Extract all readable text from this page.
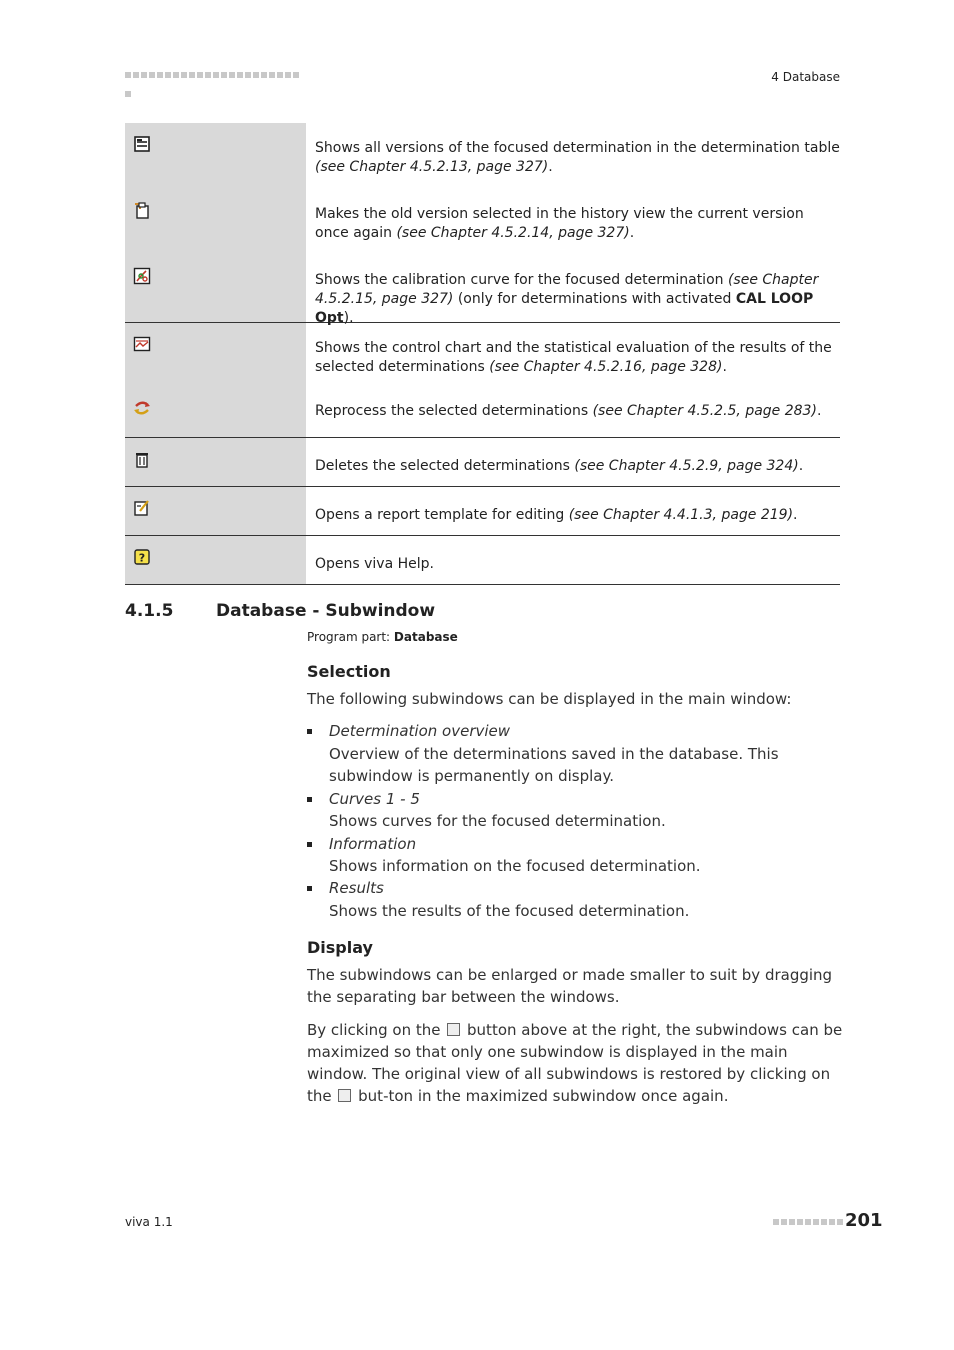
4 Database
Shows all versions of the focused determination in the determination table (see Chapter 4.5.2.13, page 327).
Makes the old version selected in the history view the current version once again (see Chapter 4.5.2.14, page 327).
Shows the calibration curve for the focused determination (see Chapter 4.5.2.15, page 327) (only for determinations with activated CAL LOOP Opt).
Shows the control chart and the statistical evaluation of the results of the selected determinations (see Chapter 4.5.2.16, page 328).
Reprocess the selected determinations (see Chapter 4.5.2.5, page 283).
Deletes the selected determinations (see Chapter 4.5.2.9, page 324).
Opens a report template for editing (see Chapter 4.4.1.3, page 219).
?	Opens viva Help.
4.1.5	Database - Subwindow
Program part: Database
Selection
The following subwindows can be displayed in the main window:
Determination overview
Overview of the determinations saved in the database. This subwindow is permanently on display.
Curves 1 - 5
Shows curves for the focused determination.
Information
Shows information on the focused determination.
Results
Shows the results of the focused determination.
Display
The subwindows can be enlarged or made smaller to suit by dragging the separating bar between the windows.
By clicking on the  button above at the right, the subwindows can be maximized so that only one subwindow is displayed in the main window. The original view of all subwindows is restored by clicking on the  but-ton in the maximized subwindow once again.
viva 1.1	201
